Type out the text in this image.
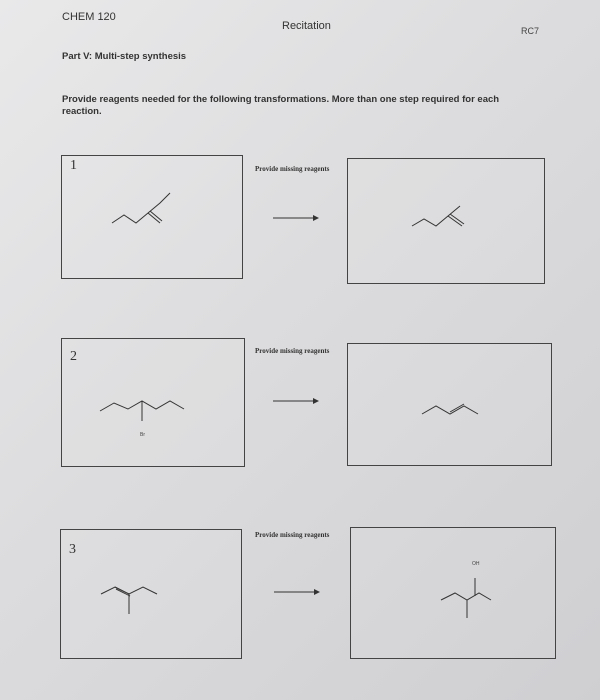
CHEM 120
Recitation	RC7
Part V: Multi-step synthesis
Provide reagents needed for the following transformations. More than one step required for each reaction.
1	Provide missing reagents
2
Br
Provide missing reagents
3
Provide missing reagents
OH
